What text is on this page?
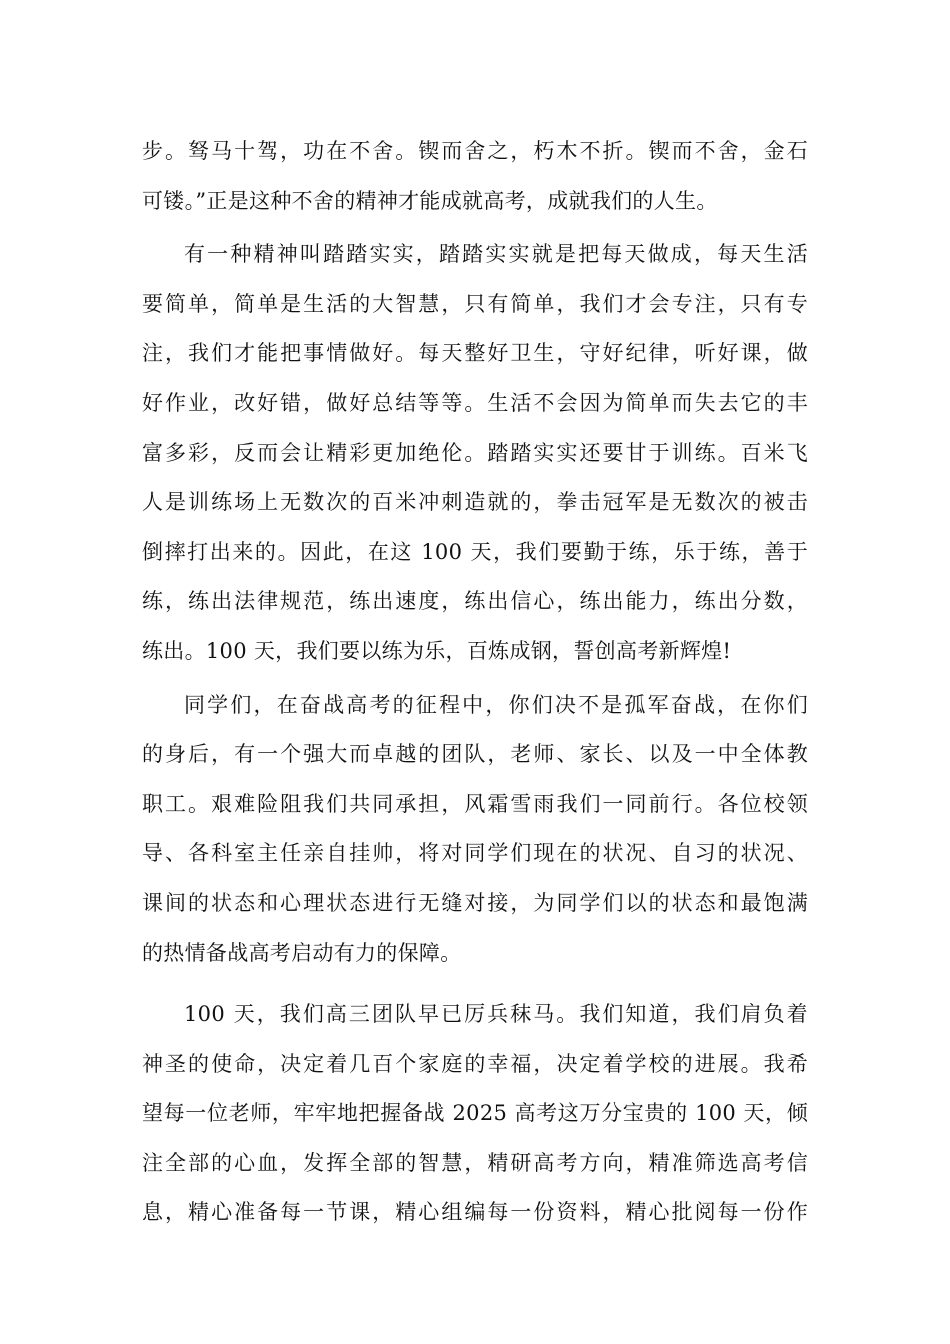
步。驽马十驾，功在不舍。锲而舍之，朽木不折。锲而不舍，金石
可镂。”正是这种不舍的精神才能成就高考，成就我们的人生。
有一种精神叫踏踏实实，踏踏实实就是把每天做成，每天生活
要简单，简单是生活的大智慧，只有简单，我们才会专注，只有专
注，我们才能把事情做好。每天整好卫生，守好纪律，听好课，做
好作业，改好错，做好总结等等。生活不会因为简单而失去它的丰
富多彩，反而会让精彩更加绝伦。踏踏实实还要甘于训练。百米飞
人是训练场上无数次的百米冲刺造就的，拳击冠军是无数次的被击
倒摔打出来的。因此，在这 100 天，我们要勤于练，乐于练，善于
练，练出法律规范，练出速度，练出信心，练出能力，练出分数，
练出。100 天，我们要以练为乐，百炼成钢，誓创高考新辉煌!
同学们，在奋战高考的征程中，你们决不是孤军奋战，在你们
的身后，有一个强大而卓越的团队，老师、家长、以及一中全体教
职工。艰难险阻我们共同承担，风霜雪雨我们一同前行。各位校领
导、各科室主任亲自挂帅，将对同学们现在的状况、自习的状况、
课间的状态和心理状态进行无缝对接，为同学们以的状态和最饱满
的热情备战高考启动有力的保障。
100 天，我们高三团队早已厉兵秣马。我们知道，我们肩负着
神圣的使命，决定着几百个家庭的幸福，决定着学校的进展。我希
望每一位老师，牢牢地把握备战 2025 高考这万分宝贵的 100 天，倾
注全部的心血，发挥全部的智慧，精研高考方向，精准筛选高考信
息，精心准备每一节课，精心组编每一份资料，精心批阅每一份作
